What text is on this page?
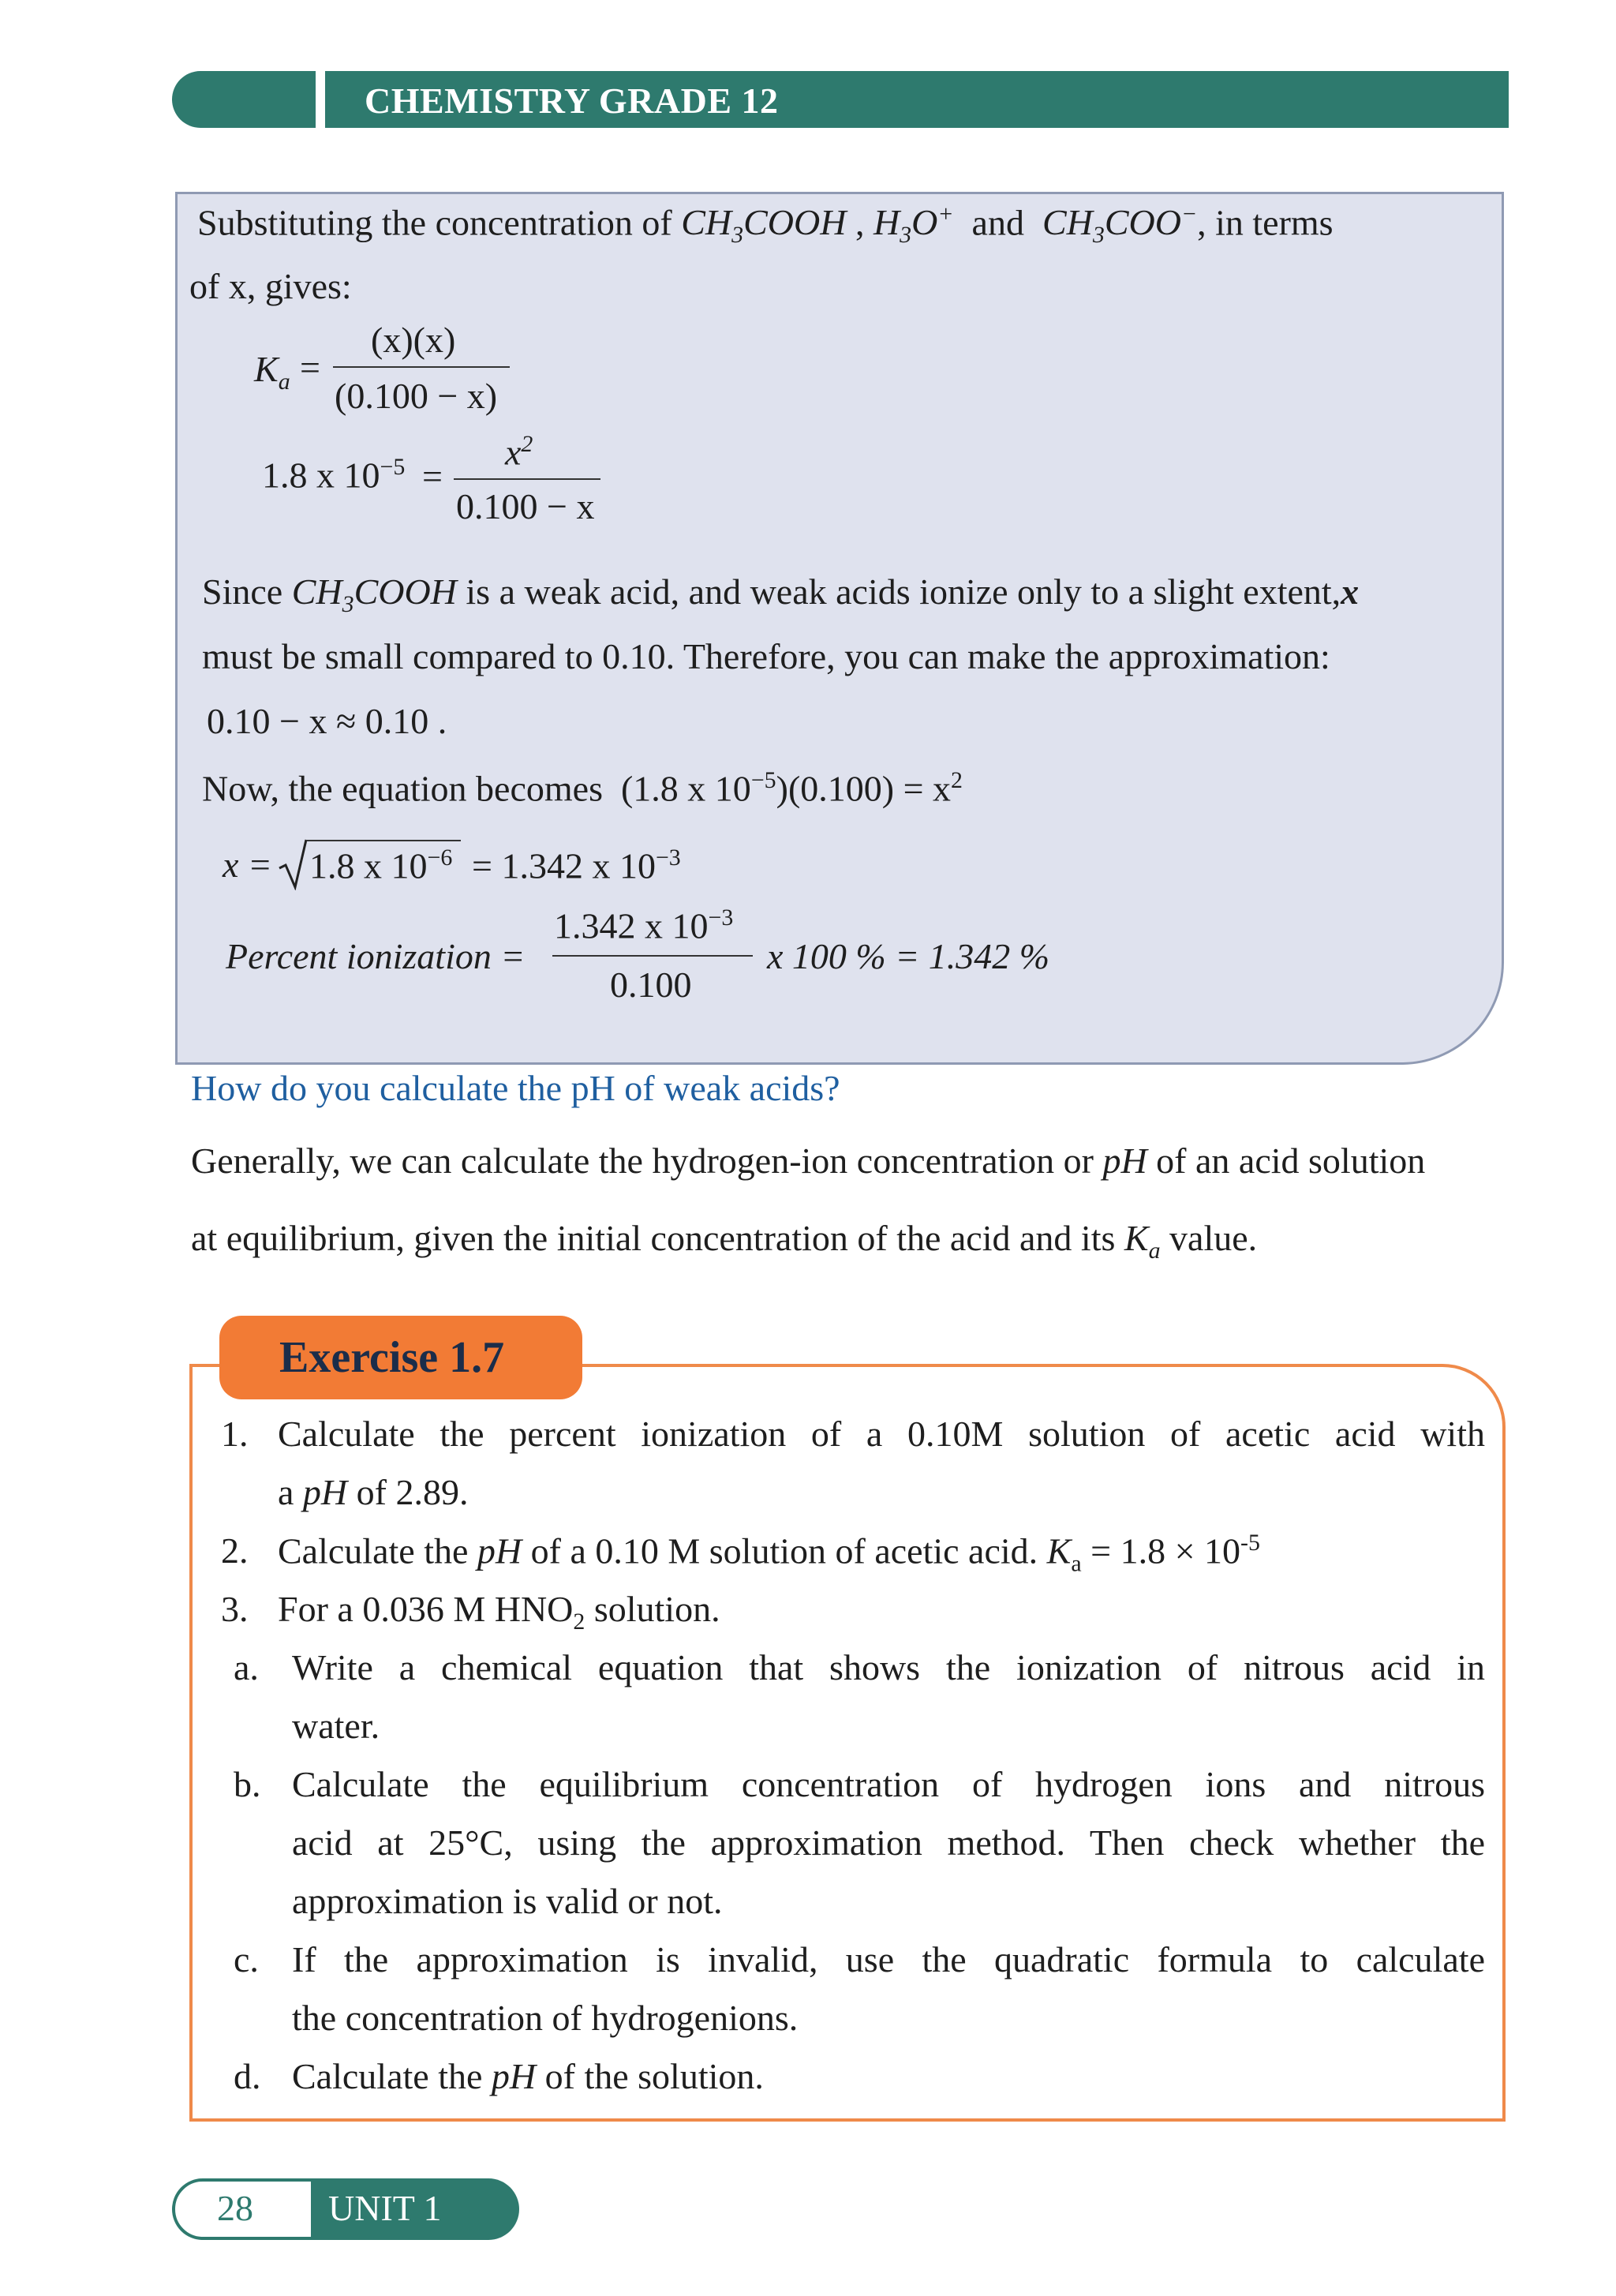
CHEMISTRY GRADE 12
Substituting the concentration of $CH_3COOH$ , $H_3O^+$ and $CH_3COO^-$, in terms
of x, gives:
$K_a$ =
(x)(x)
(0.100 − x)
1.8 x $10^{-5}$ =
$x^2$
0.100 − x
Since $CH_3COOH$ is a weak acid, and weak acids ionize only to a slight extent,x
must be small compared to 0.10. Therefore, you can make the approximation:
0.10 − x ≈ 0.10 .
Now, the equation becomes (1.8 x $10^{-5})(0.100) = x^2$
x = 1.8 x $10^{-6} = 1.342$ x $10^{-3}$
Percent ionization =
1.342 x $10^{-3}$
0.100
x 100 % = 1.342 %
How do you calculate the pH of weak acids?
Generally, we can calculate the hydrogen-ion concentration or pH of an acid solution
at equilibrium, given the initial concentration of the acid and its $K_a$ value.
Exercise 1.7
1. Calculate the percent ionization of a 0.10M solution of acetic acid with
a pH of 2.89.
2. Calculate the pH of a 0.10 M solution of acetic acid. $K_a = 1.8 \times 10^{-5}$
3. For a 0.036 M $HNO_2$ solution.
a. Write a chemical equation that shows the ionization of nitrous acid in
water.
b. Calculate the equilibrium concentration of hydrogen ions and nitrous
acid at 25°C, using the approximation method. Then check whether the
approximation is valid or not.
c. If the approximation is invalid, use the quadratic formula to calculate
the concentration of hydrogenions.
d. Calculate the pH of the solution.
28 UNIT 1
